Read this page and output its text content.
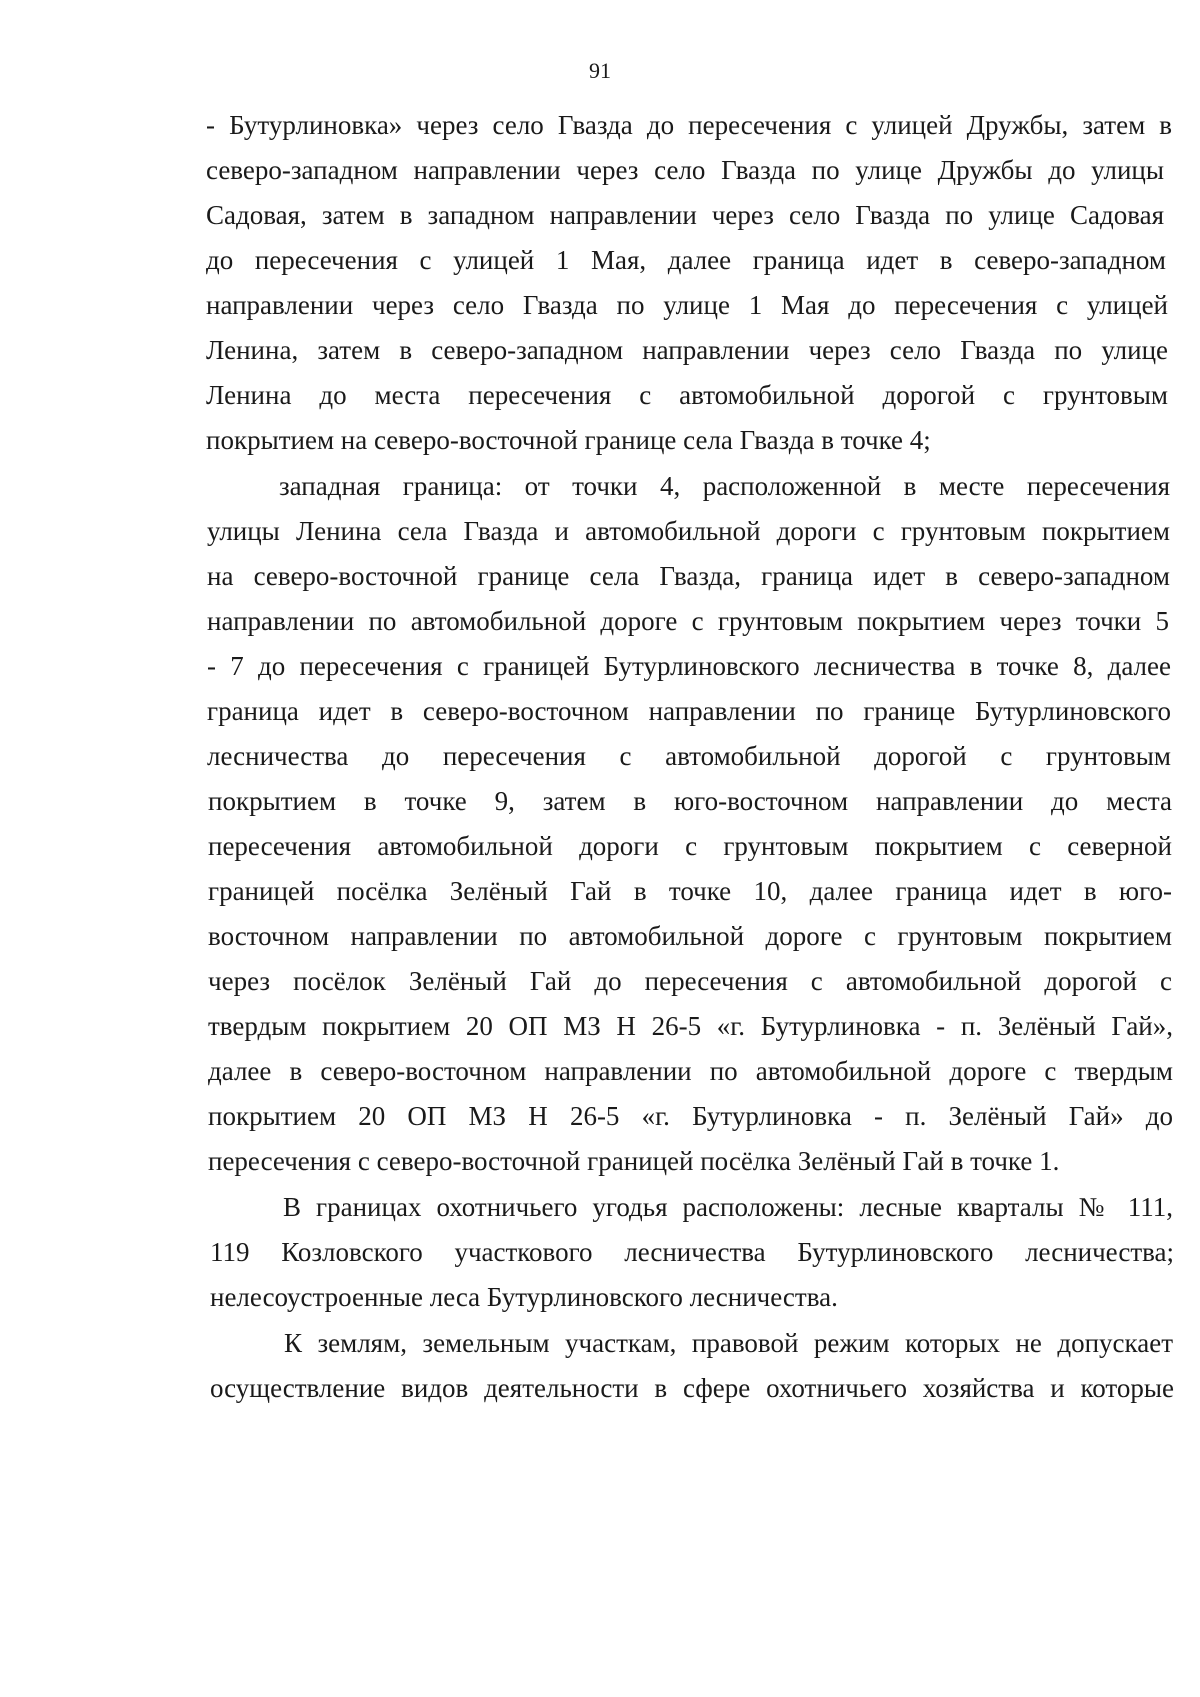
91
- Бутурлиновка» через село Гвазда до пересечения с улицей Дружбы, затем в
северо-западном направлении через село Гвазда по улице Дружбы до улицы
Садовая, затем в западном направлении через село Гвазда по улице Садовая
до пересечения с улицей 1 Мая, далее граница идет в северо-западном
направлении через село Гвазда по улице 1 Мая до пересечения с улицей
Ленина, затем в северо-западном направлении через село Гвазда по улице
Ленина до места пересечения с автомобильной дорогой с грунтовым
покрытием на северо-восточной границе села Гвазда в точке 4;
западная граница: от точки 4, расположенной в месте пересечения
улицы Ленина села Гвазда и автомобильной дороги с грунтовым покрытием
на северо-восточной границе села Гвазда, граница идет в северо-западном
направлении по автомобильной дороге с грунтовым покрытием через точки 5
- 7 до пересечения с границей Бутурлиновского лесничества в точке 8, далее
граница идет в северо-восточном направлении по границе Бутурлиновского
лесничества до пересечения с автомобильной дорогой с грунтовым
покрытием в точке 9, затем в юго-восточном направлении до места
пересечения автомобильной дороги с грунтовым покрытием с северной
границей посёлка Зелёный Гай в точке 10, далее граница идет в юго-
восточном направлении по автомобильной дороге с грунтовым покрытием
через посёлок Зелёный Гай до пересечения с автомобильной дорогой с
твердым покрытием 20 ОП МЗ Н 26-5 «г. Бутурлиновка - п. Зелёный Гай»,
далее в северо-восточном направлении по автомобильной дороге с твердым
покрытием 20 ОП МЗ Н 26-5 «г. Бутурлиновка - п. Зелёный Гай» до
пересечения с северо-восточной границей посёлка Зелёный Гай в точке 1.
В границах охотничьего угодья расположены: лесные кварталы № 111,
119 Козловского участкового лесничества Бутурлиновского лесничества;
нелесоустроенные леса Бутурлиновского лесничества.
К землям, земельным участкам, правовой режим которых не допускает
осуществление видов деятельности в сфере охотничьего хозяйства и которые
